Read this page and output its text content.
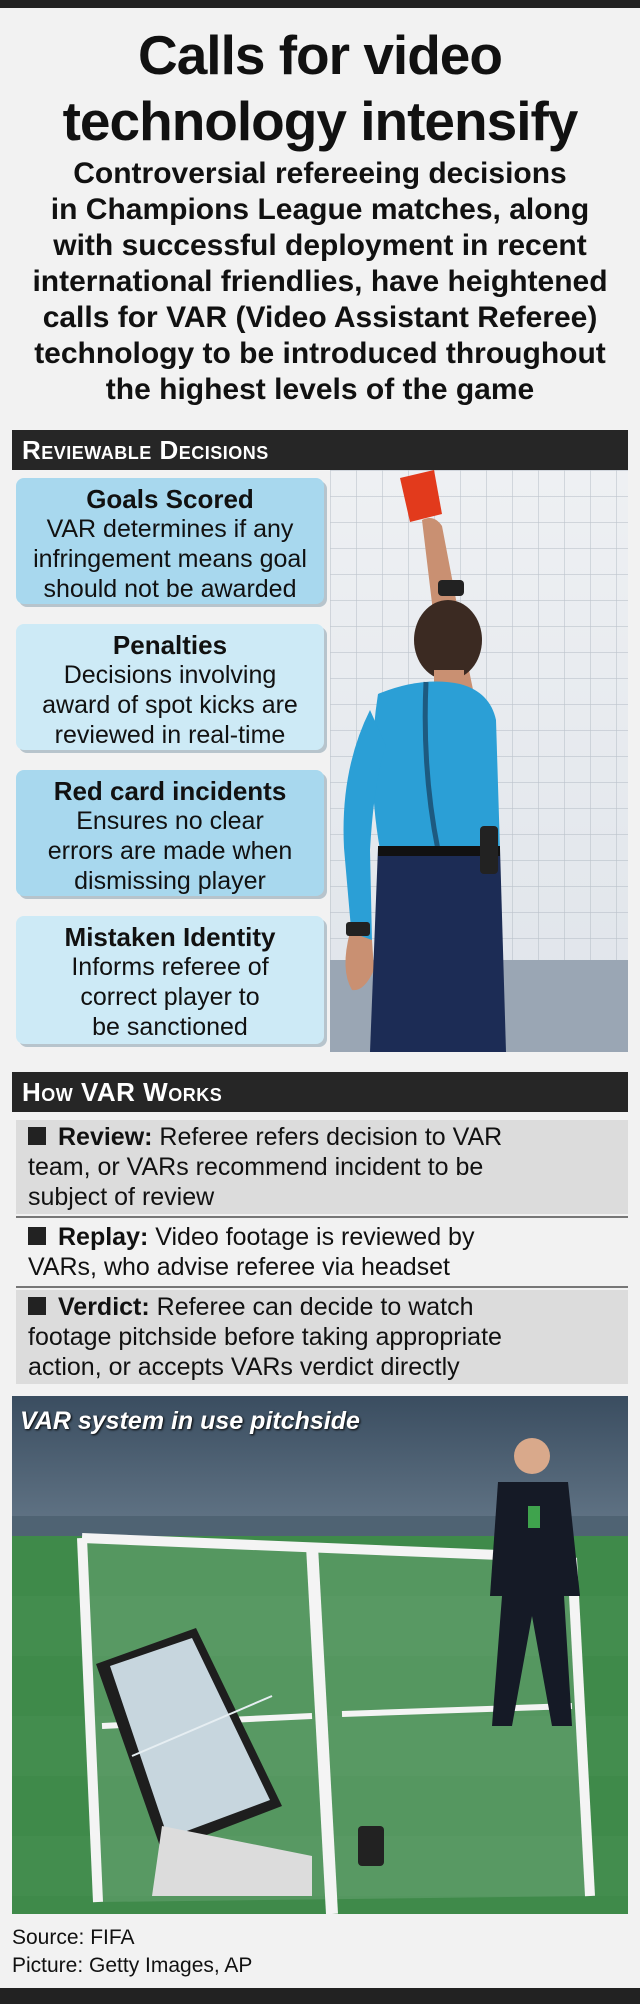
Calls for video
technology intensify
Controversial refereeing decisions
in Champions League matches, along
with successful deployment in recent
international friendlies, have heightened
calls for VAR (Video Assistant Referee)
technology to be introduced throughout
the highest levels of the game
Reviewable Decisions
Goals Scored
VAR determines if any
infringement means goal
should not be awarded
Penalties
Decisions involving
award of spot kicks are
reviewed in real-time
Red card incidents
Ensures no clear
errors are made when
dismissing player
Mistaken Identity
Informs referee of
correct player to
be sanctioned
How VAR Works
Review: Referee refers decision to VAR
team, or VARs recommend incident to be
subject of review
Replay: Video footage is reviewed by
VARs, who advise referee via headset
Verdict: Referee can decide to watch
footage pitchside before taking appropriate
action, or accepts VARs verdict directly
VAR system in use pitchside
Source: FIFA
Picture: Getty Images, AP
